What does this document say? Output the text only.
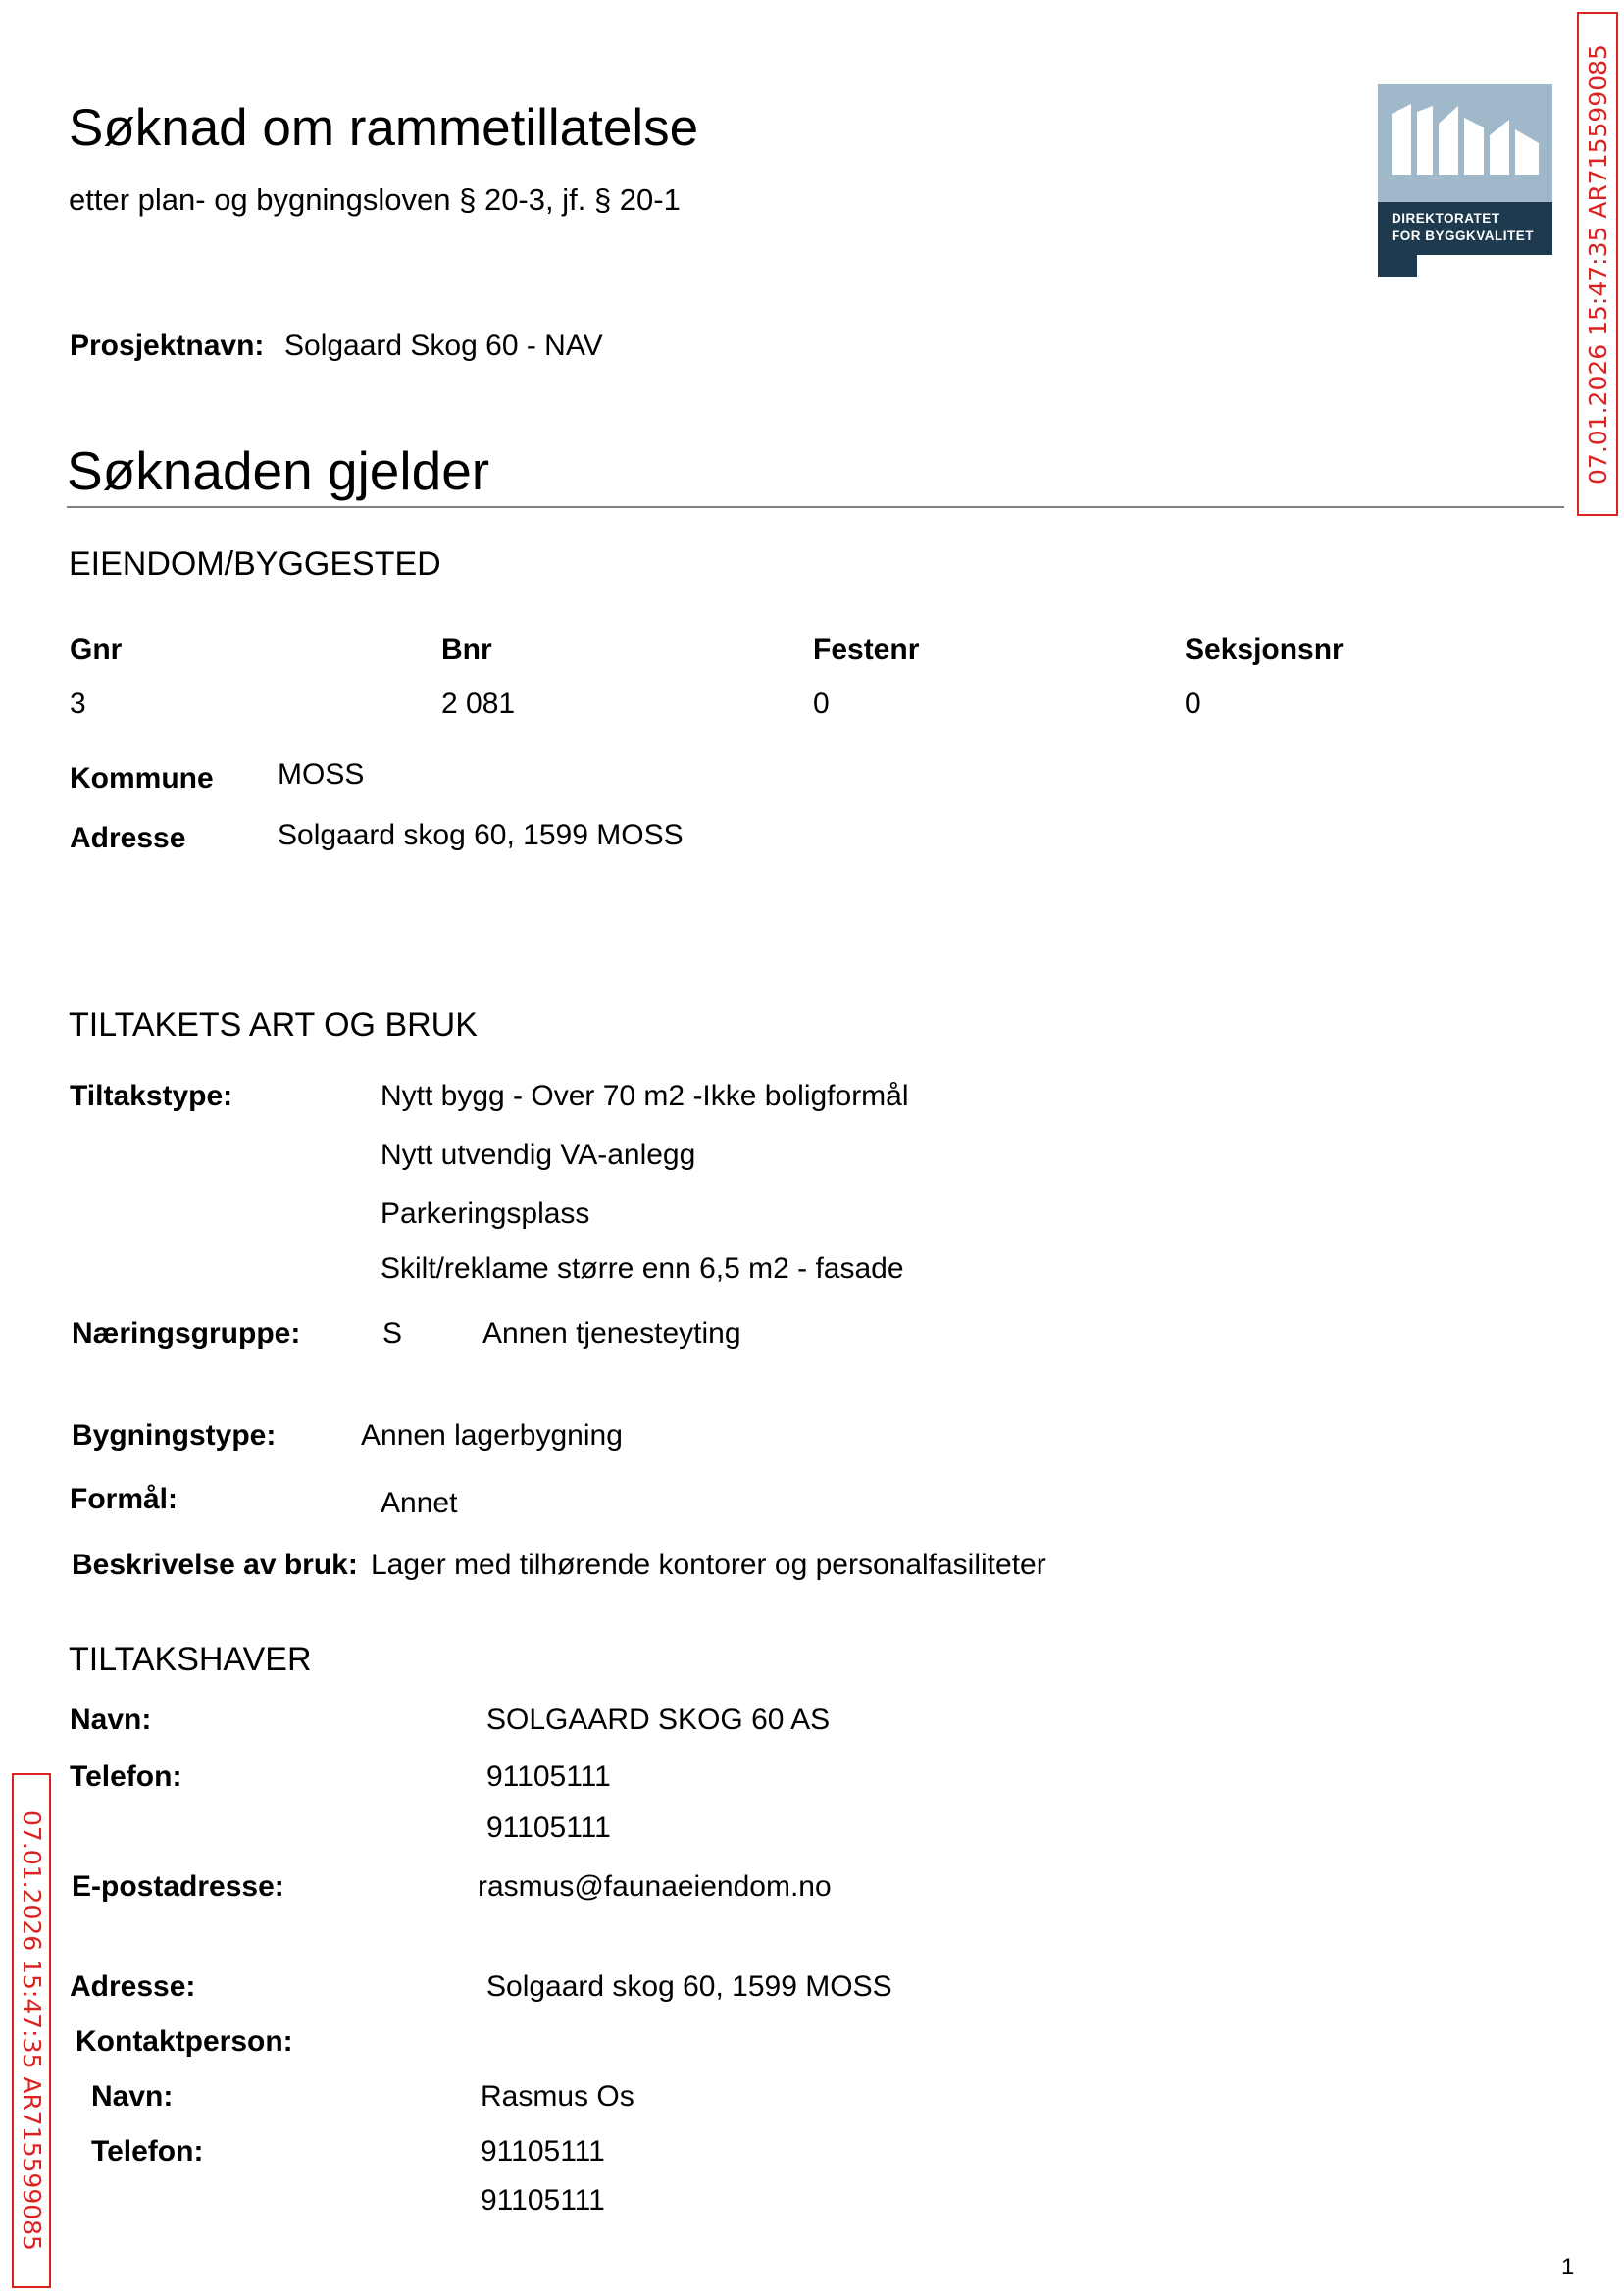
Søknad om rammetillatelse
etter plan- og bygningsloven § 20-3, jf. § 20-1
DIREKTORATET
FOR BYGGKVALITET 07.01.2026 15:47:35 AR715599085
07.01.2026 15:47:35 AR715599085
Prosjektnavn: Solgaard Skog 60 - NAV
Søknaden gjelder
EIENDOM/BYGGESTED
Gnr	Bnr	Festenr	Seksjonsnr
3	2 081	0	0
Kommune MOSS
Adresse	Solgaard skog 60, 1599 MOSS
TILTAKETS ART OG BRUK
Tiltakstype:	Nytt bygg - Over 70 m2 -Ikke boligformål
Nytt utvendig VA-anlegg
Parkeringsplass
Skilt/reklame større enn 6,5 m2 - fasade
Næringsgruppe:	S	Annen tjenesteyting
Bygningstype:	Annen lagerbygning
Formål:	Annet
Beskrivelse av bruk: Lager med tilhørende kontorer og personalfasiliteter
TILTAKSHAVER
Navn:	SOLGAARD SKOG 60 AS
Telefon:	91105111
91105111
E-postadresse:	rasmus@faunaeiendom.no
Adresse:	Solgaard skog 60, 1599 MOSS
Kontaktperson:
Navn:	Rasmus Os
Telefon:	91105111
91105111
1
